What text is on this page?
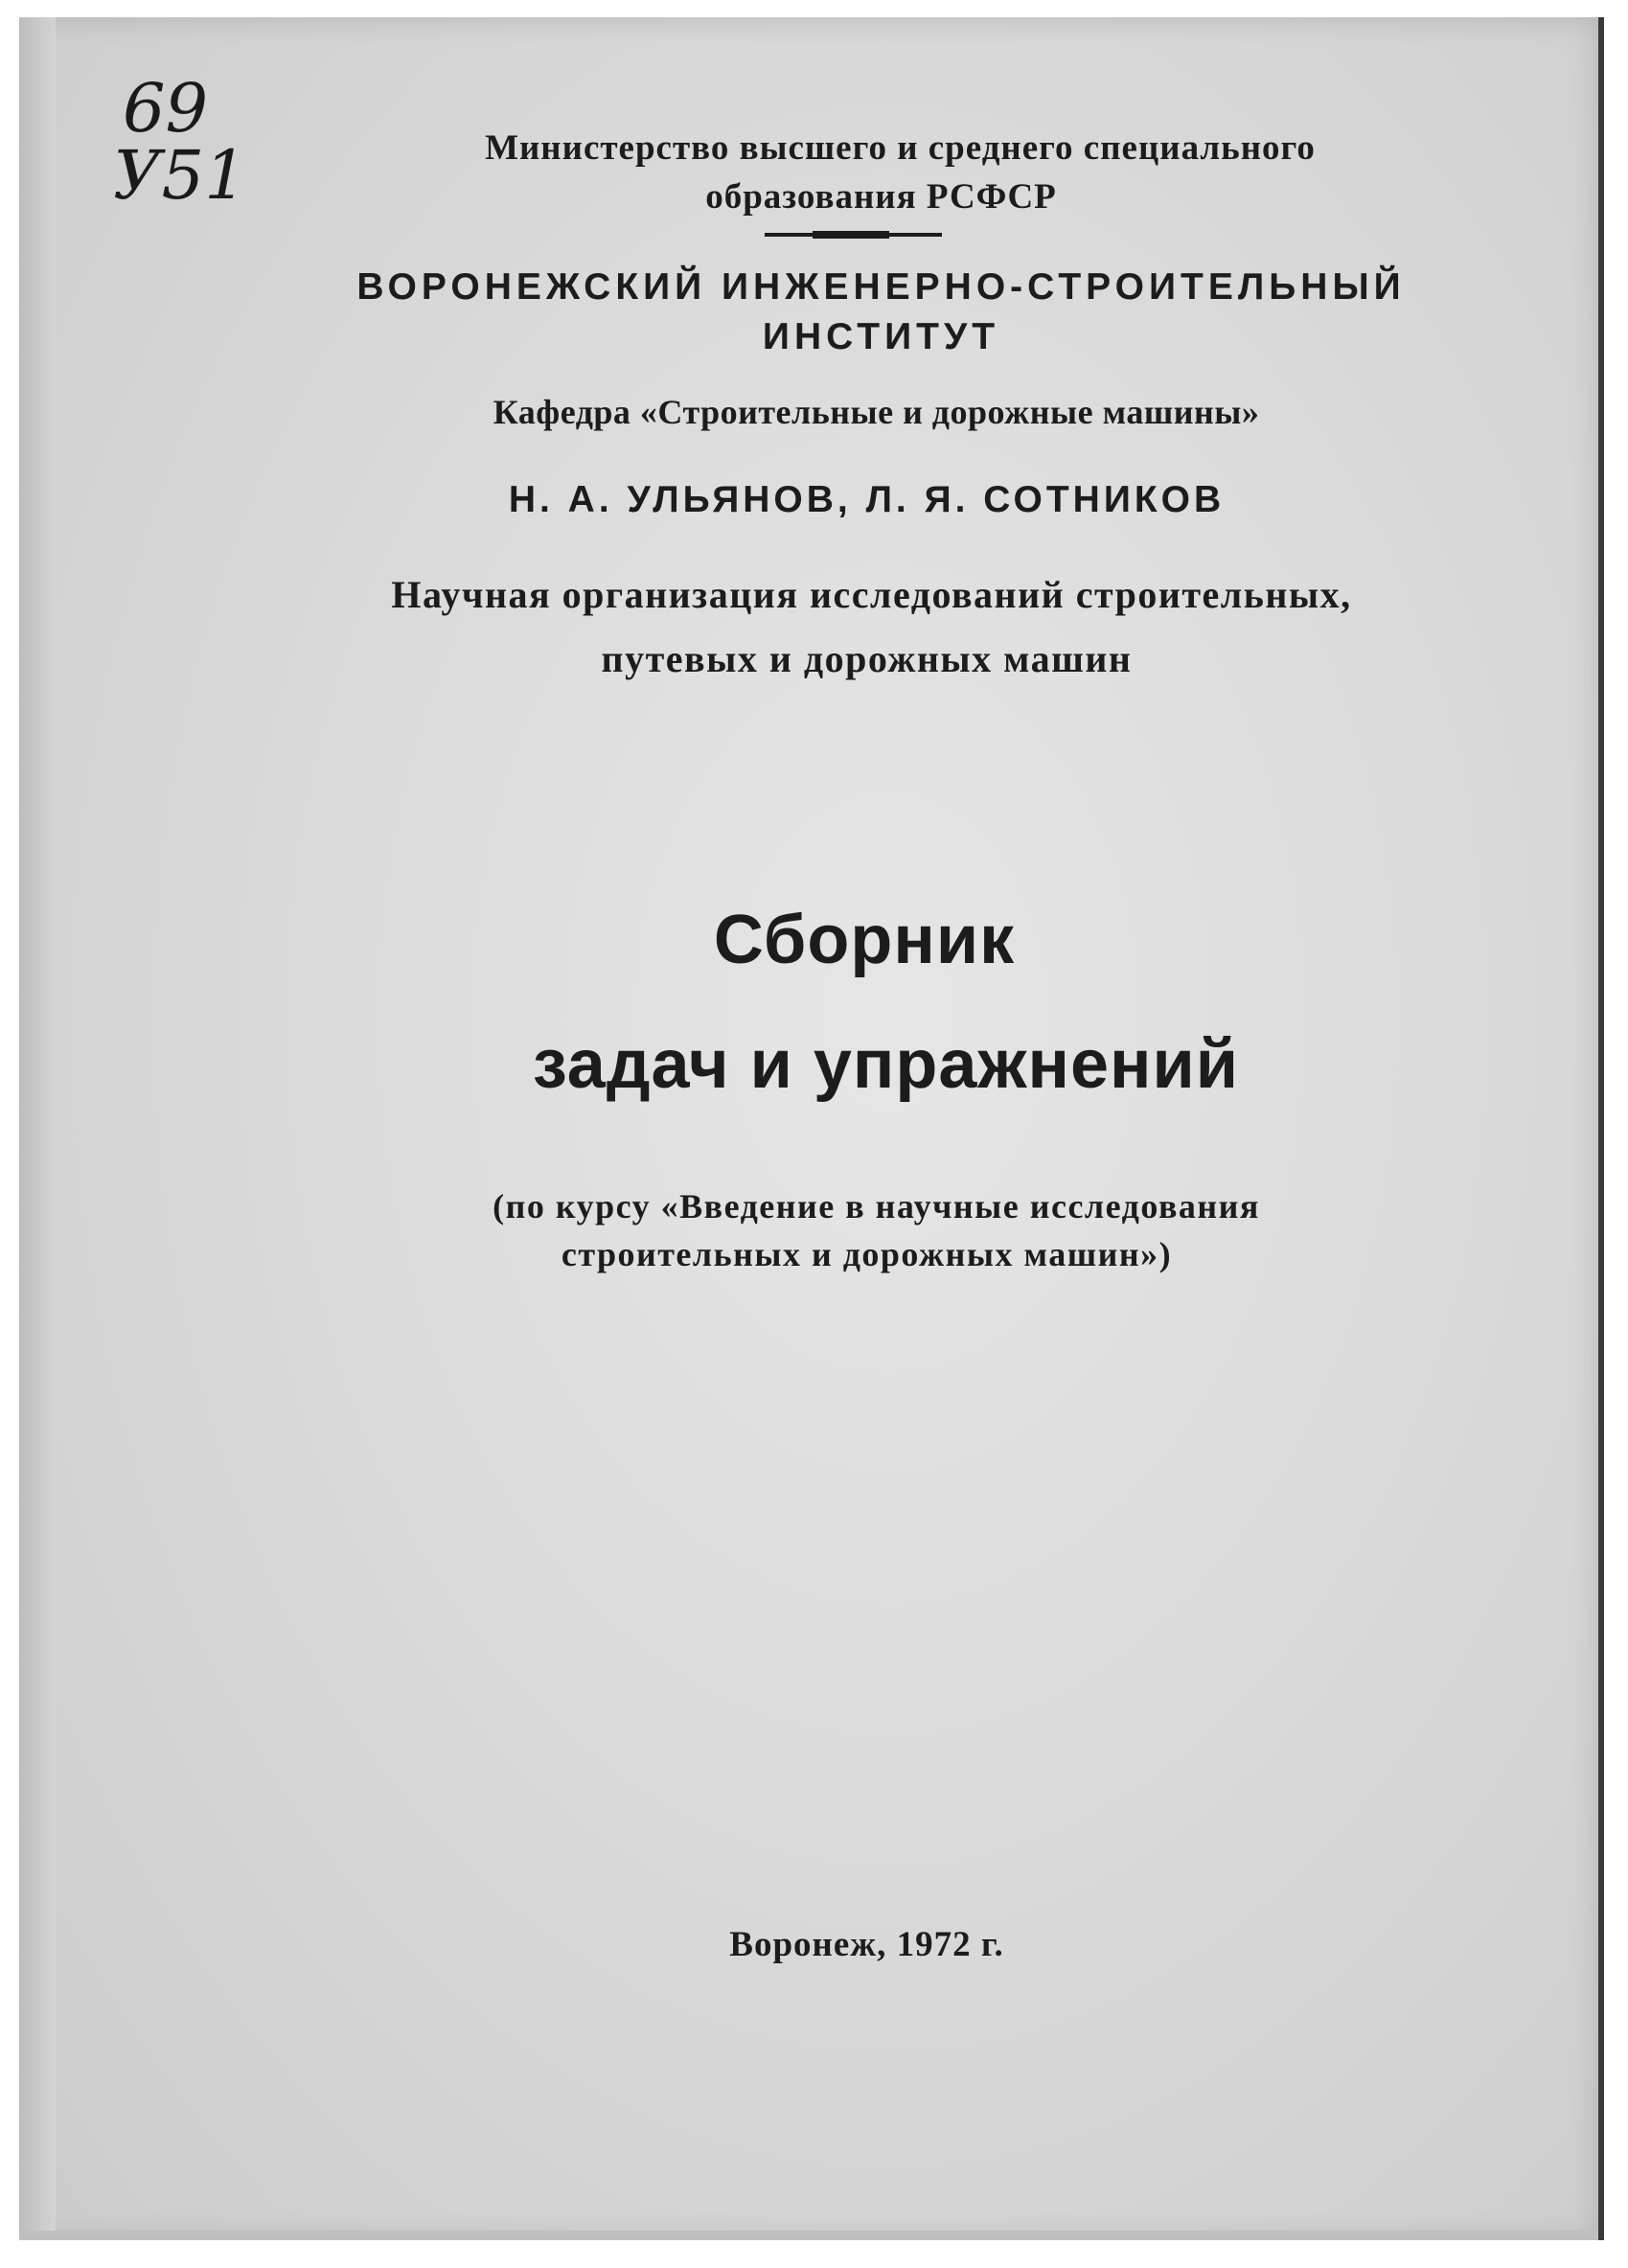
69
У51	Министерство высшего и среднего специального
образования РСФСР
ВОРОНЕЖСКИЙ ИНЖЕНЕРНО-СТРОИТЕЛЬНЫЙ
ИНСТИТУТ
Кафедра «Строительные и дорожные машины»
Н. А. УЛЬЯНОВ, Л. Я. СОТНИКОВ
Научная организация исследований строительных,
путевых и дорожных машин
Сборник
задач и упражнений
(по курсу «Введение в научные исследования
строительных и дорожных машин»)
Воронеж, 1972 г.
